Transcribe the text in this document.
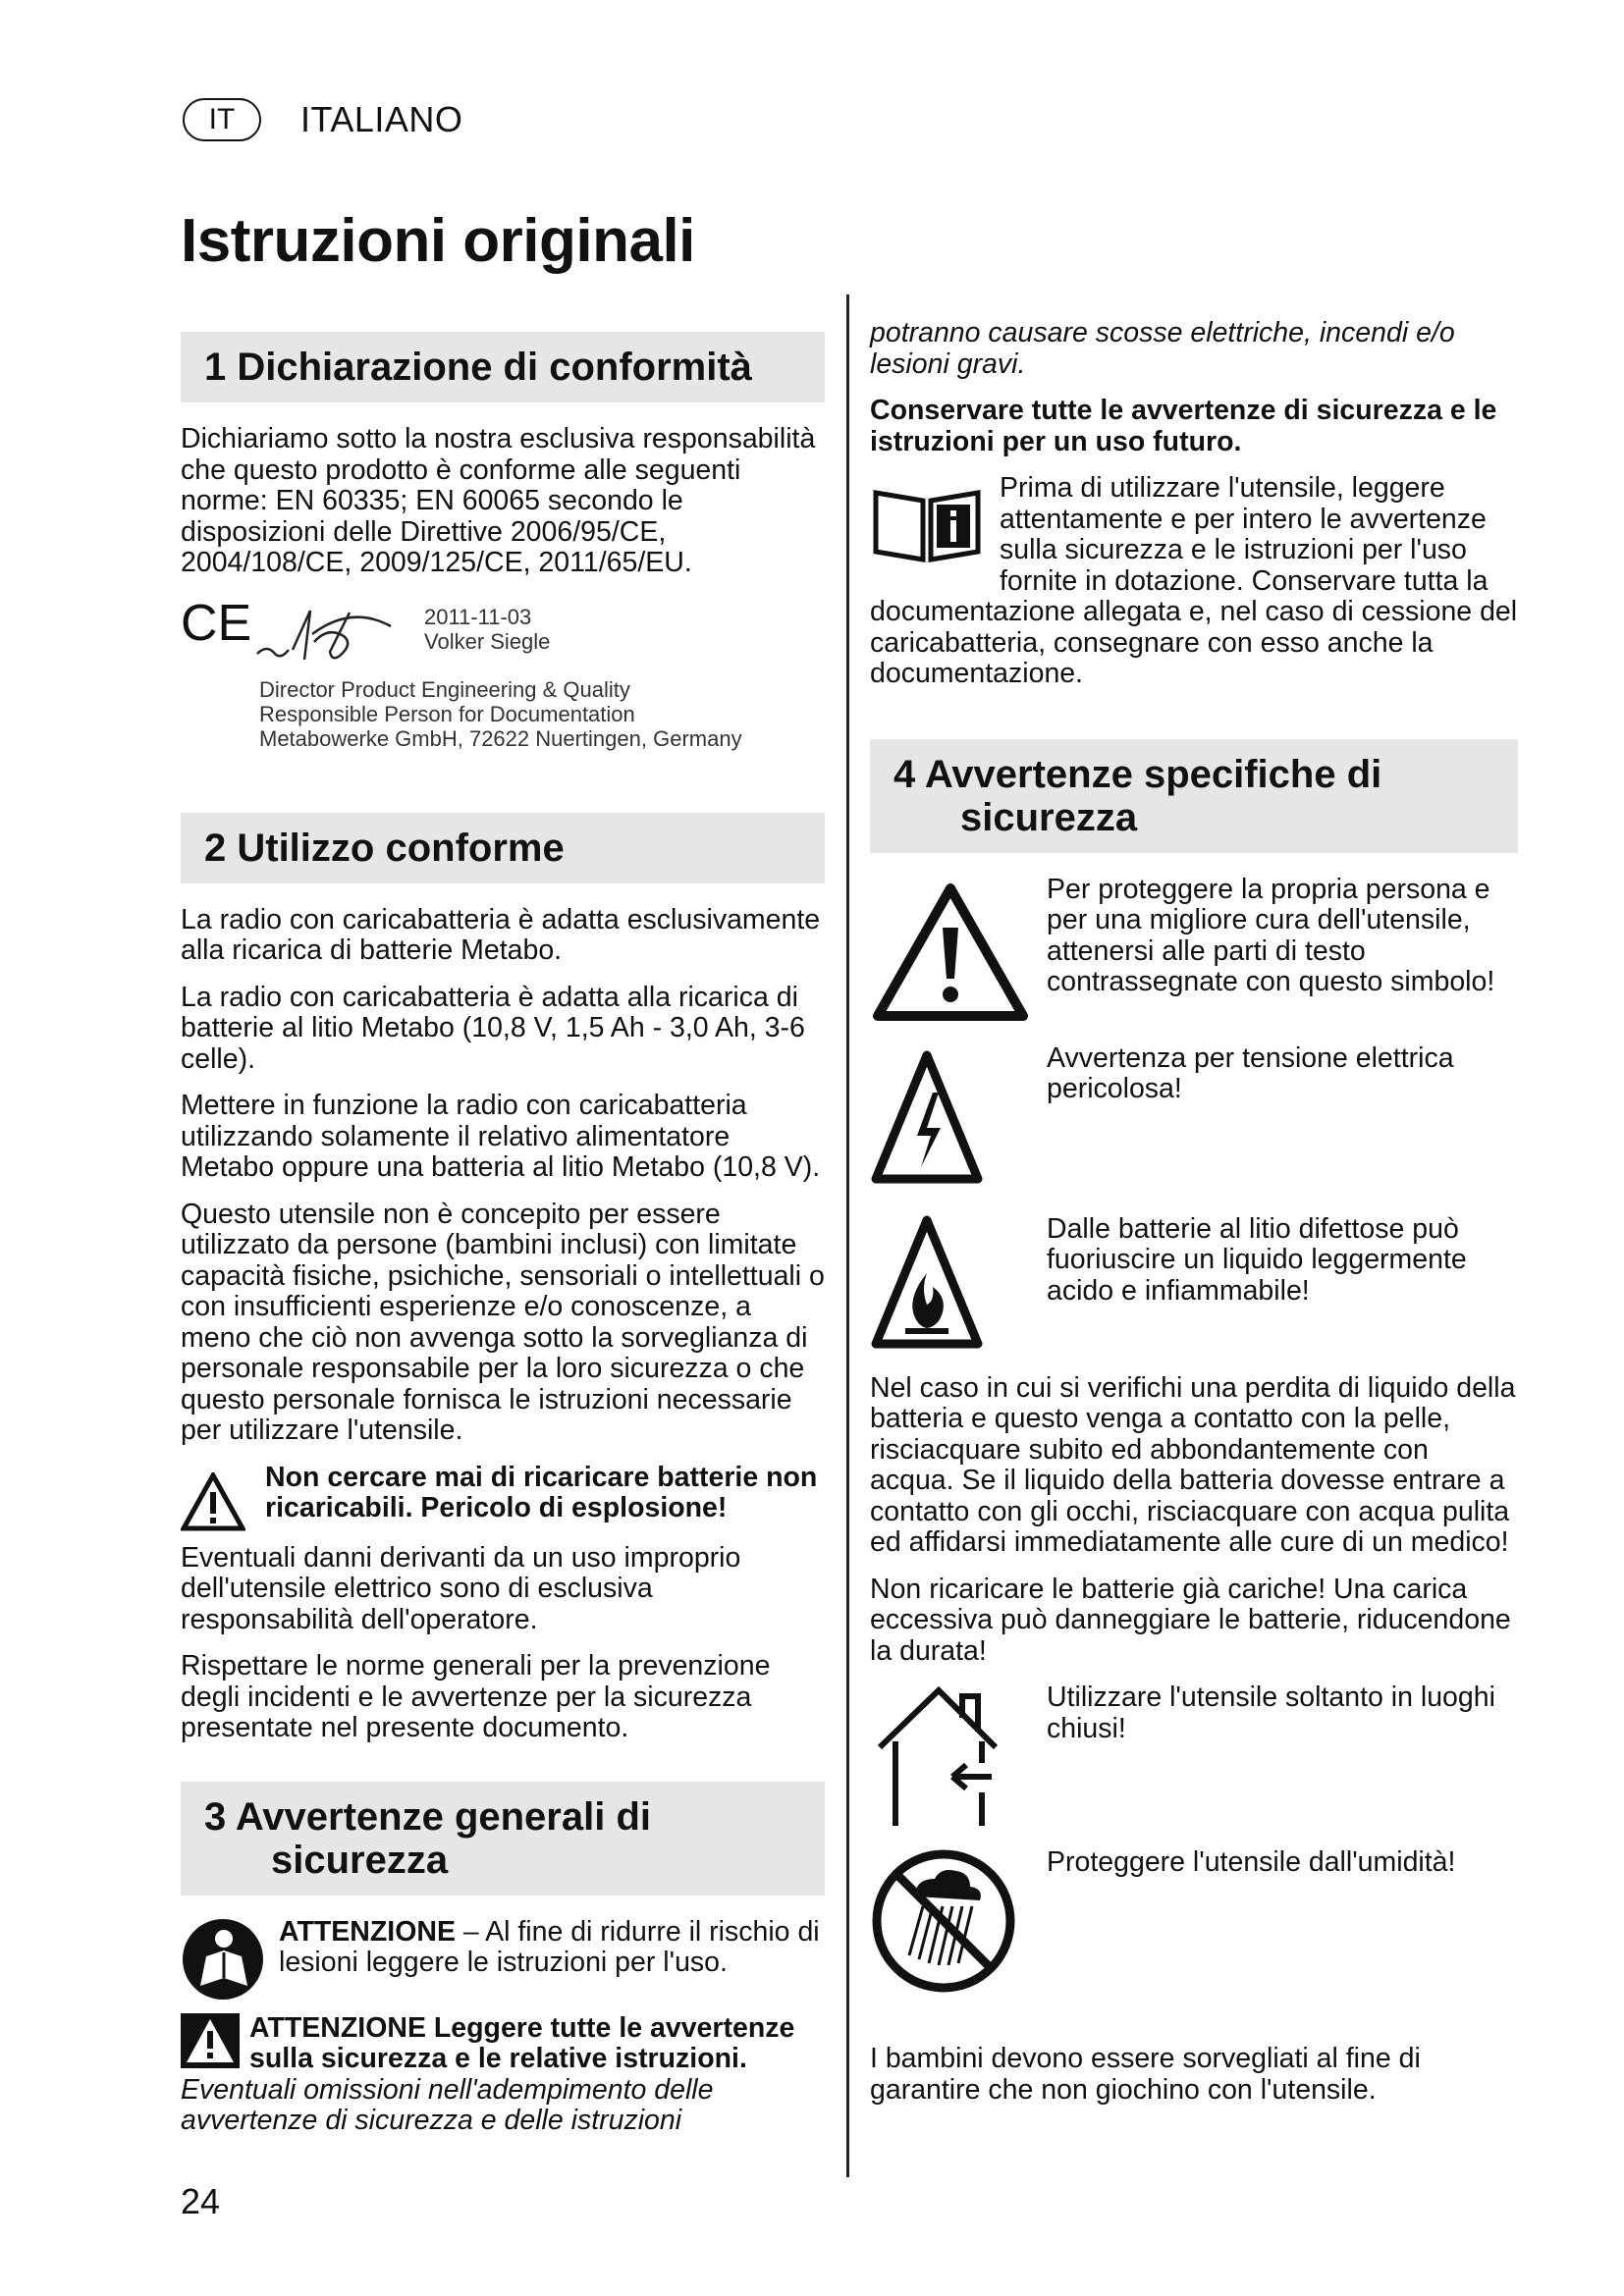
IT	ITALIANO
Istruzioni originali
1 Dichiarazione di conformità

Dichiariamo sotto la nostra esclusiva responsabilità che questo prodotto è conforme alle seguenti norme: EN 60335; EN 60065 secondo le disposizioni delle Direttive 2006/95/CE, 2004/108/CE, 2009/125/CE, 2011/65/EU.

CE	2011-11-03
Volker Siegle
Director Product Engineering & Quality
Responsible Person for Documentation
Metabowerke GmbH, 72622 Nuertingen, Germany
2 Utilizzo conforme

La radio con caricabatteria è adatta esclusivamente alla ricarica di batterie Metabo.

La radio con caricabatteria è adatta alla ricarica di batterie al litio Metabo (10,8 V, 1,5 Ah - 3,0 Ah, 3-6 celle).

Mettere in funzione la radio con caricabatteria utilizzando solamente il relativo alimentatore Metabo oppure una batteria al litio Metabo (10,8 V).

Questo utensile non è concepito per essere utilizzato da persone (bambini inclusi) con limitate capacità fisiche, psichiche, sensoriali o intellettuali o con insufficienti esperienze e/o conoscenze, a meno che ciò non avvenga sotto la sorveglianza di personale responsabile per la loro sicurezza o che questo personale fornisca le istruzioni necessarie per utilizzare l'utensile.

Non cercare mai di ricaricare batterie non ricaricabili. Pericolo di esplosione!

Eventuali danni derivanti da un uso improprio dell'utensile elettrico sono di esclusiva responsabilità dell'operatore.

Rispettare le norme generali per la prevenzione degli incidenti e le avvertenze per la sicurezza presentate nel presente documento.

3 Avvertenze generali di
sicurezza
ATTENZIONE – Al fine di ridurre il rischio di lesioni leggere le istruzioni per l'uso.
ATTENZIONE Leggere tutte le avvertenze sulla sicurezza e le relative istruzioni. Eventuali omissioni nell'adempimento delle avvertenze di sicurezza e delle istruzioni

potranno causare scosse elettriche, incendi e/o lesioni gravi.

Conservare tutte le avvertenze di sicurezza e le istruzioni per un uso futuro.

Prima di utilizzare l'utensile, leggere attentamente e per intero le avvertenze sulla sicurezza e le istruzioni per l'uso fornite in dotazione. Conservare tutta la documentazione allegata e, nel caso di cessione del caricabatteria, consegnare con esso anche la documentazione.
4 Avvertenze specifiche di
sicurezza
Per proteggere la propria persona e per una migliore cura dell'utensile, attenersi alle parti di testo contrassegnate con questo simbolo!
Avvertenza per tensione elettrica pericolosa!
Dalle batterie al litio difettose può fuoriuscire un liquido leggermente acido e infiammabile!

Nel caso in cui si verifichi una perdita di liquido della batteria e questo venga a contatto con la pelle, risciacquare subito ed abbondantemente con acqua. Se il liquido della batteria dovesse entrare a contatto con gli occhi, risciacquare con acqua pulita ed affidarsi immediatamente alle cure di un medico!

Non ricaricare le batterie già cariche! Una carica eccessiva può danneggiare le batterie, riducendone la durata!

Utilizzare l'utensile soltanto in luoghi chiusi!
Proteggere l'utensile dall'umidità!

I bambini devono essere sorvegliati al fine di garantire che non giochino con l'utensile.

24
